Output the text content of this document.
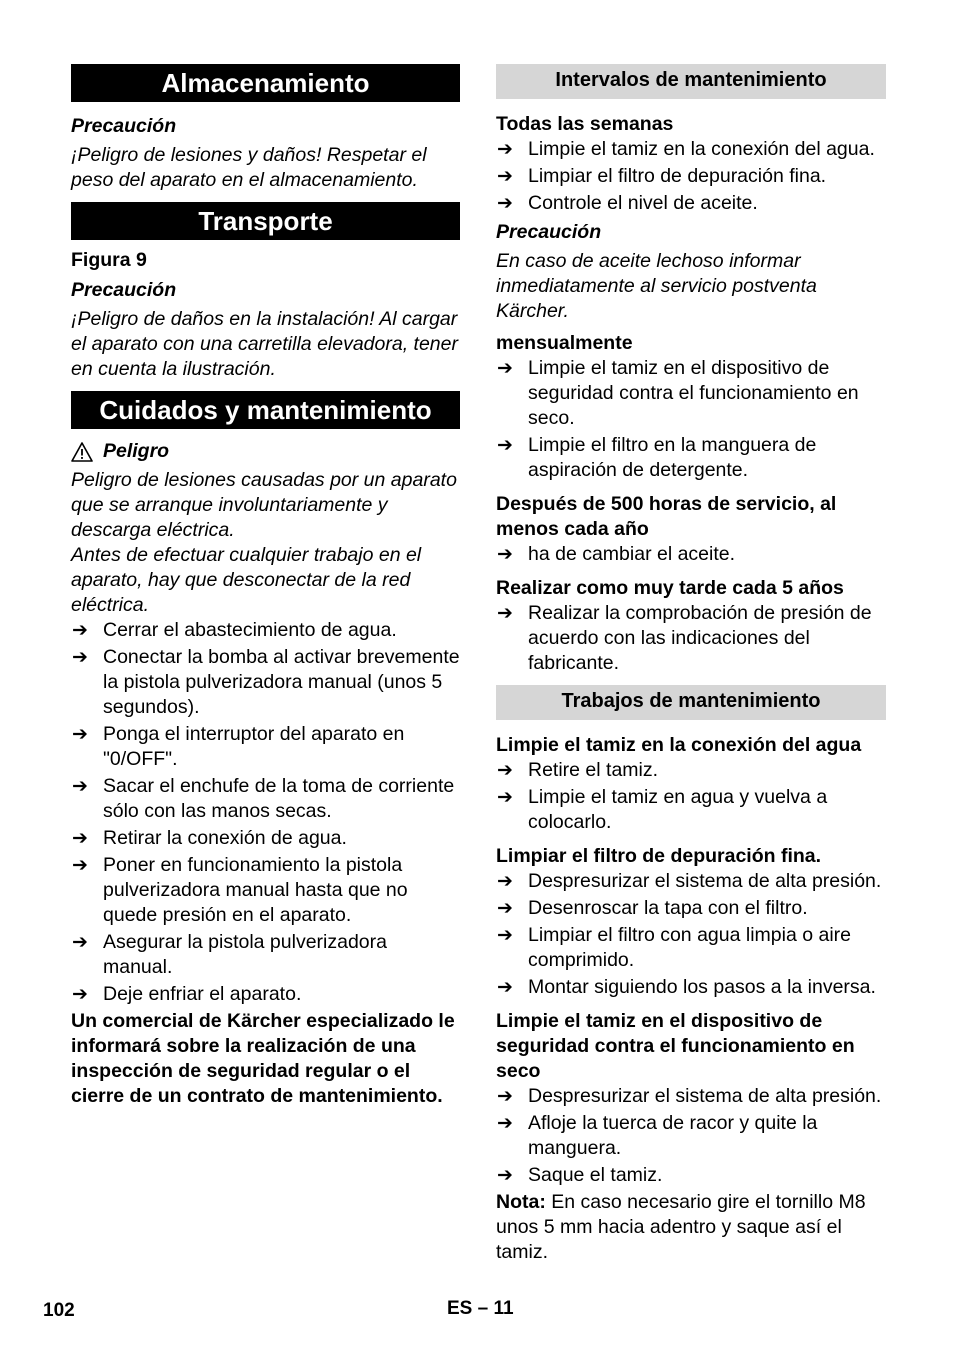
Almacenamiento

Precaución

¡Peligro de lesiones y daños! Respetar el peso del aparato en el almacenamiento.

Transporte

Figura 9

Precaución

¡Peligro de daños en la instalación! Al cargar el aparato con una carretilla elevadora, tener en cuenta la ilustración.

Cuidados y mantenimiento
Peligro

Peligro de lesiones causadas por un aparato que se arranque involuntariamente y descarga eléctrica.

Antes de efectuar cualquier trabajo en el aparato, hay que desconectar de la red eléctrica.

➔ Cerrar el abastecimiento de agua.
➔ Conectar la bomba al activar brevemente la pistola pulverizadora manual (unos 5 segundos).
➔ Ponga el interruptor del aparato en "0/OFF".
➔ Sacar el enchufe de la toma de corriente sólo con las manos secas.
➔ Retirar la conexión de agua.
➔ Poner en funcionamiento la pistola pulverizadora manual hasta que no quede presión en el aparato.
➔ Asegurar la pistola pulverizadora manual.
➔ Deje enfriar el aparato.

Un comercial de Kärcher especializado le informará sobre la realización de una inspección de seguridad regular o el cierre de un contrato de mantenimiento.

Intervalos de mantenimiento

Todas las semanas

➔ Limpie el tamiz en la conexión del agua.
➔ Limpiar el filtro de depuración fina.
➔ Controle el nivel de aceite.

Precaución

En caso de aceite lechoso informar inmediatamente al servicio postventa Kärcher.

mensualmente

➔ Limpie el tamiz en el dispositivo de seguridad contra el funcionamiento en seco.
➔ Limpie el filtro en la manguera de aspiración de detergente.

Después de 500 horas de servicio, al menos cada año

➔ ha de cambiar el aceite.

Realizar como muy tarde cada 5 años

➔ Realizar la comprobación de presión de acuerdo con las indicaciones del fabricante.
Trabajos de mantenimiento

Limpie el tamiz en la conexión del agua

➔ Retire el tamiz.
➔ Limpie el tamiz en agua y vuelva a colocarlo.

Limpiar el filtro de depuración fina.

➔ Despresurizar el sistema de alta presión.
➔ Desenroscar la tapa con el filtro.
➔ Limpiar el filtro con agua limpia o aire comprimido.
➔ Montar siguiendo los pasos a la inversa.

Limpie el tamiz en el dispositivo de seguridad contra el funcionamiento en seco

➔ Despresurizar el sistema de alta presión.
➔ Afloje la tuerca de racor y quite la manguera.
➔ Saque el tamiz.

Nota: En caso necesario gire el tornillo M8 unos 5 mm hacia adentro y saque así el tamiz.

102	ES – 11
